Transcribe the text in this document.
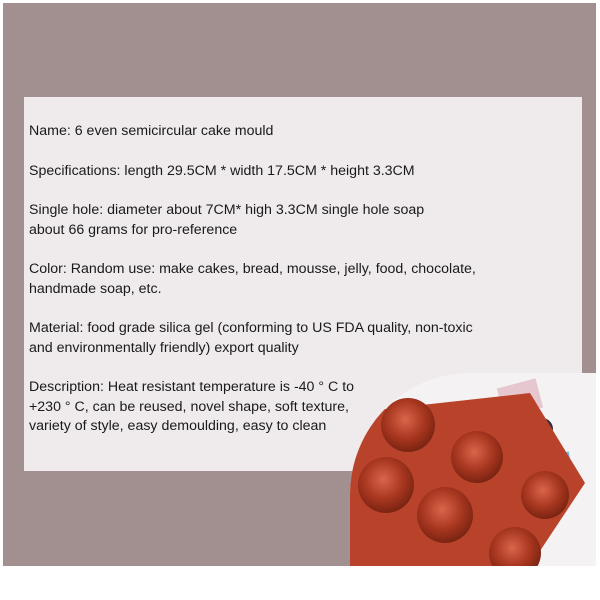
Name: 6 even semicircular cake mould

Specifications: length 29.5CM * width 17.5CM * height 3.3CM

Single hole: diameter about 7CM* high 3.3CM single hole soap
about 66 grams for pro-reference

Color: Random use: make cakes, bread, mousse, jelly, food, chocolate,
handmade soap, etc.

Material: food grade silica gel (conforming to US FDA quality, non-toxic
and environmentally friendly) export quality

Description: Heat resistant temperature is -40 ° C to
+230 ° C, can be reused, novel shape, soft texture,
variety of style, easy demoulding, easy to clean
